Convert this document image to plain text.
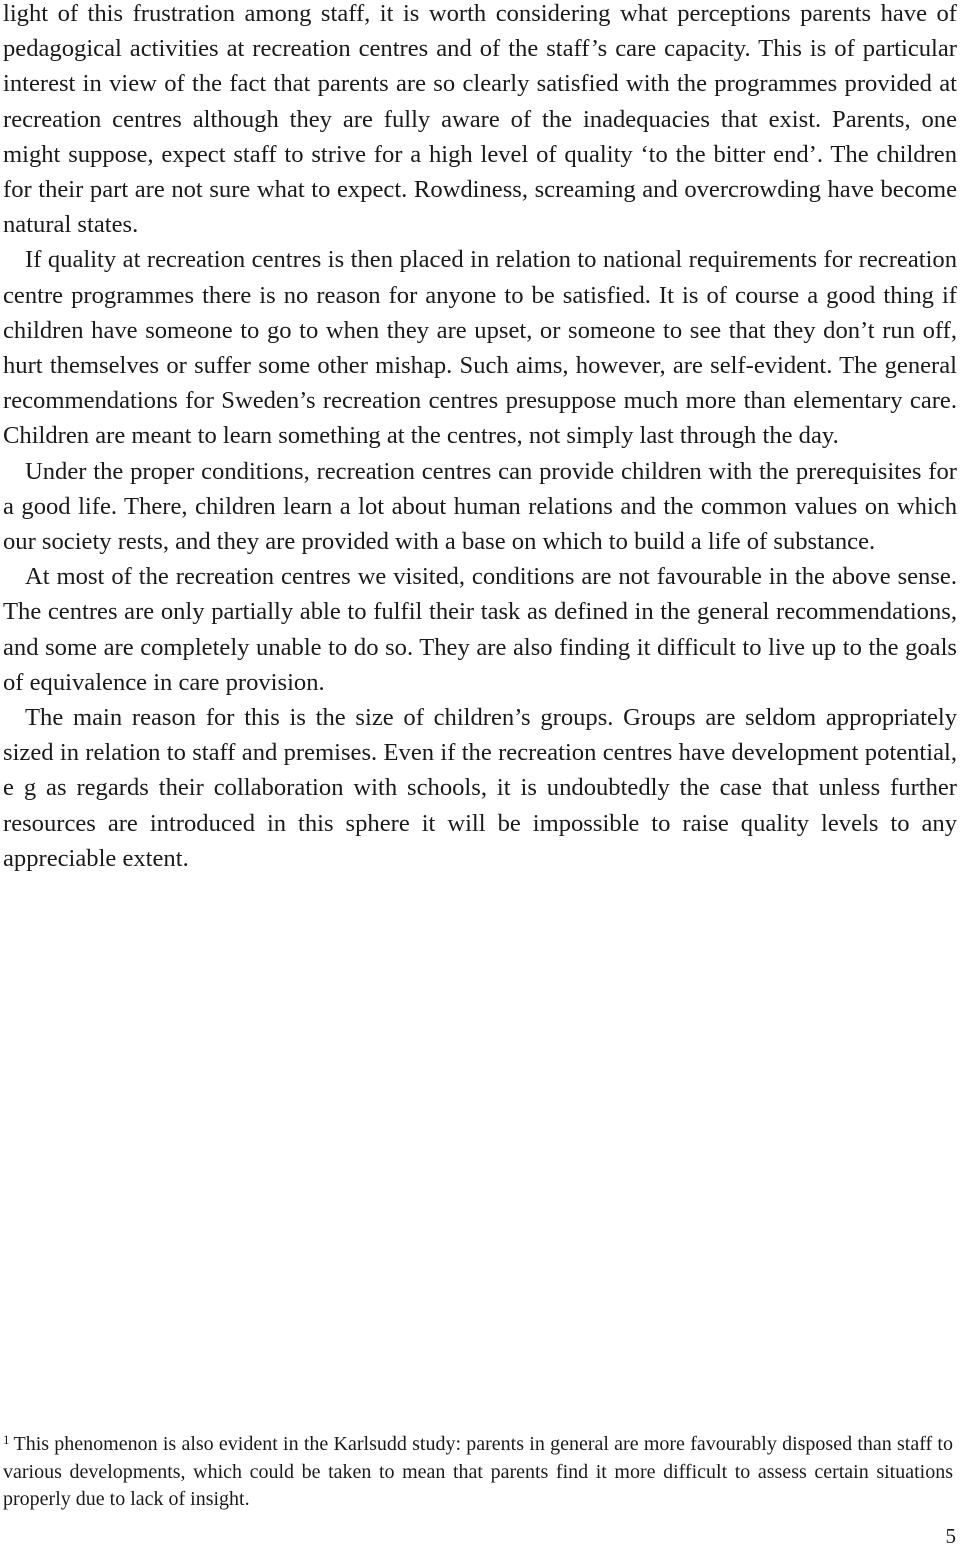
light of this frustration among staff, it is worth considering what perceptions parents have of pedagogical activities at recreation centres and of the staff’s care capacity. This is of particular interest in view of the fact that parents are so clearly satisfied with the programmes provided at recreation centres although they are fully aware of the inadequacies that exist. Parents, one might suppose, expect staff to strive for a high level of quality ‘to the bitter end’. The children for their part are not sure what to expect. Rowdiness, screaming and overcrowding have become natural states.

If quality at recreation centres is then placed in relation to national requirements for recreation centre programmes there is no reason for anyone to be satisfied. It is of course a good thing if children have someone to go to when they are upset, or someone to see that they don’t run off, hurt themselves or suffer some other mishap. Such aims, however, are self-evident. The general recommendations for Sweden’s recreation centres presuppose much more than elementary care. Children are meant to learn something at the centres, not simply last through the day.

Under the proper conditions, recreation centres can provide children with the prerequisites for a good life. There, children learn a lot about human relations and the common values on which our society rests, and they are provided with a base on which to build a life of substance.

At most of the recreation centres we visited, conditions are not favourable in the above sense. The centres are only partially able to fulfil their task as defined in the general recommendations, and some are completely unable to do so. They are also finding it difficult to live up to the goals of equivalence in care provision.

The main reason for this is the size of children’s groups. Groups are seldom appropriately sized in relation to staff and premises. Even if the recreation centres have development potential, e g as regards their collaboration with schools, it is undoubtedly the case that unless further resources are introduced in this sphere it will be impossible to raise quality levels to any appreciable extent.

$^1$ This phenomenon is also evident in the Karlsudd study: parents in general are more favourably disposed than staff to various developments, which could be taken to mean that parents find it more difficult to assess certain situations properly due to lack of insight.

5
